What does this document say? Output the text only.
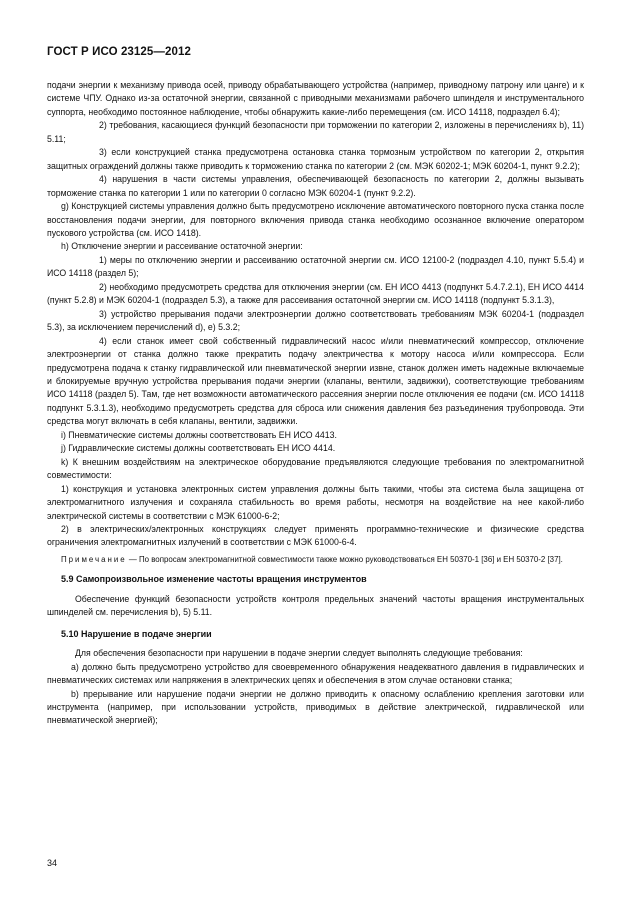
ГОСТ Р ИСО 23125—2012

подачи энергии к механизму привода осей, приводу обрабатывающего устройства (например, приводному патрону или цанге) и к системе ЧПУ. Однако из-за остаточной энергии, связанной с приводными механизмами рабочего шпинделя и инструментального суппорта, необходимо постоянное наблюдение, чтобы обнаружить какие-либо перемещения (см. ИСО 14118, подраздел 6.4);

2) требования, касающиеся функций безопасности при торможении по категории 2, изложены в перечислениях b), 11) 5.11;

3) если конструкцией станка предусмотрена остановка станка тормозным устройством по категории 2, открытия защитных ограждений должны также приводить к торможению станка по категории 2 (см. МЭК 60202-1; МЭК 60204-1, пункт 9.2.2);

4) нарушения в части системы управления, обеспечивающей безопасность по категории 2, должны вызывать торможение станка по категории 1 или по категории 0 согласно МЭК 60204-1 (пункт 9.2.2).

g) Конструкцией системы управления должно быть предусмотрено исключение автоматического повторного пуска станка после восстановления подачи энергии, для повторного включения привода станка необходимо осознанное включение оператором пускового устройства (см. ИСО 1418).

h) Отключение энергии и рассеивание остаточной энергии:

1) меры по отключению энергии и рассеиванию остаточной энергии см. ИСО 12100-2 (подраздел 4.10, пункт 5.5.4) и ИСО 14118 (раздел 5);

2) необходимо предусмотреть средства для отключения энергии (см. ЕН ИСО 4413 (подпункт 5.4.7.2.1), ЕН ИСО 4414 (пункт 5.2.8) и МЭК 60204-1 (подраздел 5.3), а также для рассеивания остаточной энергии см. ИСО 14118 (подпункт 5.3.1.3),

3) устройство прерывания подачи электроэнергии должно соответствовать требованиям МЭК 60204-1 (подраздел 5.3), за исключением перечислений d), e) 5.3.2;

4) если станок имеет свой собственный гидравлический насос и/или пневматический компрессор, отключение электроэнергии от станка должно также прекратить подачу электричества к мотору насоса и/или компрессора. Если предусмотрена подача к станку гидравлической или пневматической энергии извне, станок должен иметь надежные включаемые и блокируемые вручную устройства прерывания подачи энергии (клапаны, вентили, задвижки), соответствующие требованиям ИСО 14118 (раздел 5). Там, где нет возможности автоматического рассеяния энергии после отключения ее подачи (см. ИСО 14118 подпункт 5.3.1.3), необходимо предусмотреть средства для сброса или снижения давления без разъединения трубопровода. Эти средства могут включать в себя клапаны, вентили, задвижки.

i) Пневматические системы должны соответствовать ЕН ИСО 4413.

j) Гидравлические системы должны соответствовать ЕН ИСО 4414.

k) К внешним воздействиям на электрическое оборудование предъявляются следующие требования по электромагнитной совместимости:

1) конструкция и установка электронных систем управления должны быть такими, чтобы эта система была защищена от электромагнитного излучения и сохраняла стабильность во время работы, несмотря на воздействие на нее какой-либо электрической системы в соответствии с МЭК 61000-6-2;

2) в электрических/электронных конструкциях следует применять программно-технические и физические средства ограничения электромагнитных излучений в соответствии с МЭК 61000-6-4.

Примечание — По вопросам электромагнитной совместимости также можно руководствоваться ЕН 50370-1 [36] и ЕН 50370-2 [37].

5.9 Самопроизвольное изменение частоты вращения инструментов

Обеспечение функций безопасности устройств контроля предельных значений частоты вращения инструментальных шпинделей см. перечисления b), 5) 5.11.

5.10 Нарушение в подаче энергии

Для обеспечения безопасности при нарушении в подаче энергии следует выполнять следующие требования:

а) должно быть предусмотрено устройство для своевременного обнаружения неадекватного давления в гидравлических и пневматических системах или напряжения в электрических цепях и обеспечения в этом случае остановки станка;

b) прерывание или нарушение подачи энергии не должно приводить к опасному ослаблению крепления заготовки или инструмента (например, при использовании устройств, приводимых в действие электрической, гидравлической или пневматической энергией);

34
